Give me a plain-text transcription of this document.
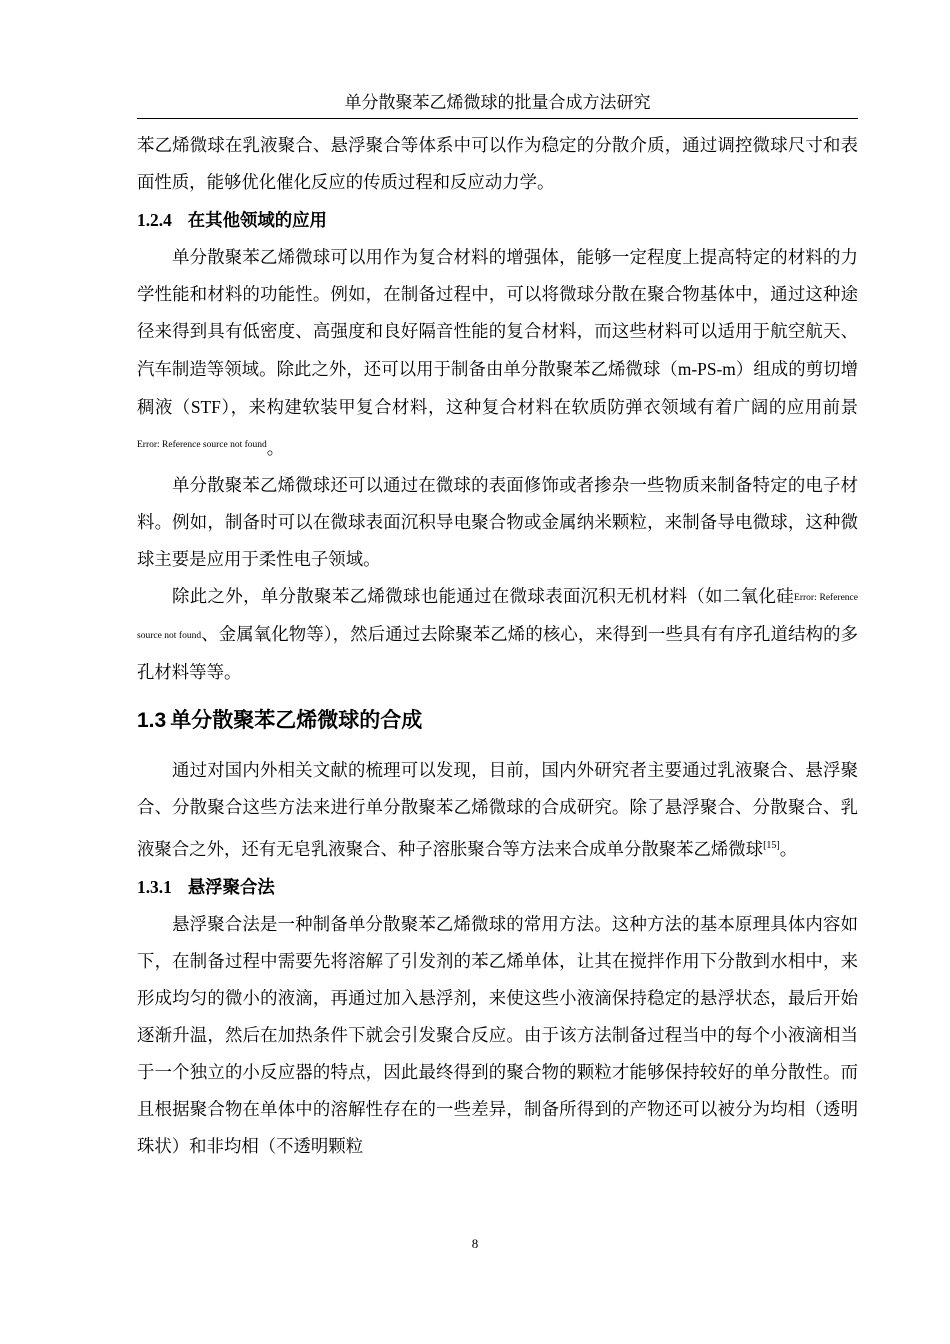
单分散聚苯乙烯微球的批量合成方法研究

苯乙烯微球在乳液聚合、悬浮聚合等体系中可以作为稳定的分散介质，通过调控微球尺寸和表面性质，能够优化催化反应的传质过程和反应动力学。

1.2.4 在其他领域的应用

单分散聚苯乙烯微球可以用作为复合材料的增强体，能够一定程度上提高特定的材料的力学性能和材料的功能性。例如，在制备过程中，可以将微球分散在聚合物基体中，通过这种途径来得到具有低密度、高强度和良好隔音性能的复合材料，而这些材料可以适用于航空航天、汽车制造等领域。除此之外，还可以用于制备由单分散聚苯乙烯微球（m-PS-m）组成的剪切增稠液（STF），来构建软装甲复合材料，这种复合材料在软质防弹衣领域有着广阔的应用前景$^{Error: Reference source not found}$。

单分散聚苯乙烯微球还可以通过在微球的表面修饰或者掺杂一些物质来制备特定的电子材料。例如，制备时可以在微球表面沉积导电聚合物或金属纳米颗粒，来制备导电微球，这种微球主要是应用于柔性电子领域。

除此之外，单分散聚苯乙烯微球也能通过在微球表面沉积无机材料（如二氧化硅Error: Reference source not found、金属氧化物等），然后通过去除聚苯乙烯的核心，来得到一些具有有序孔道结构的多孔材料等等。

1.3 单分散聚苯乙烯微球的合成

通过对国内外相关文献的梳理可以发现，目前，国内外研究者主要通过乳液聚合、悬浮聚合、分散聚合这些方法来进行单分散聚苯乙烯微球的合成研究。除了悬浮聚合、分散聚合、乳液聚合之外，还有无皂乳液聚合、种子溶胀聚合等方法来合成单分散聚苯乙烯微球[15]。

1.3.1 悬浮聚合法

悬浮聚合法是一种制备单分散聚苯乙烯微球的常用方法。这种方法的基本原理具体内容如下，在制备过程中需要先将溶解了引发剂的苯乙烯单体，让其在搅拌作用下分散到水相中，来形成均匀的微小的液滴，再通过加入悬浮剂，来使这些小液滴保持稳定的悬浮状态，最后开始逐渐升温，然后在加热条件下就会引发聚合反应。由于该方法制备过程当中的每个小液滴相当于一个独立的小反应器的特点，因此最终得到的聚合物的颗粒才能够保持较好的单分散性。而且根据聚合物在单体中的溶解性存在的一些差异，制备所得到的产物还可以被分为均相（透明珠状）和非均相（不透明颗粒

8
